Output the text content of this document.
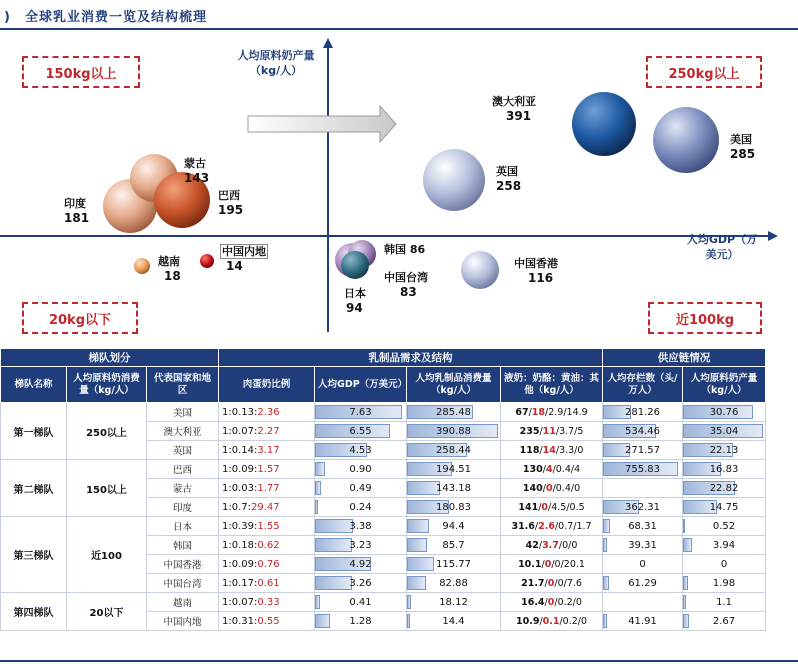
)　全球乳业消费一览及结构梳理
人均原料奶产量（kg/人）
人均GDP（万美元）
150kg以上	250kg以上
20kg以下	近100kg
澳大利亚
391
美国
285
英国
258
蒙古
143
巴西
195
印度
181
越南
18
中国内地
14
韩国 86
中国台湾
83
日本
94
中国香港
116
梯队划分			乳制品需求及结构				供应链情况	
梯队名称	人均原料奶消费量（kg/人）	代表国家和地区	肉蛋奶比例	人均GDP（万美元）	人均乳制品消费量（kg/人）	液奶：奶酪：黄油：其他（kg/人）	人均存栏数（头/万人）	人均原料奶产量（kg/人）
第一梯队	250以上	美国	1:0.13:2.36	7.63	285.48	67/18/2.9/14.9	281.26	30.76
		澳大利亚	1:0.07:2.27	6.55	390.88	235/11/3.7/5	534.46	35.04
		英国	1:0.14:3.17	4.53	258.44	118/14/3.3/0	271.57	22.13
第二梯队	150以上	巴西	1:0.09:1.57	0.90	194.51	130/4/0.4/4	755.83	16.83
		蒙古	1:0.03:1.77	0.49	143.18	140/0/0.4/0		22.82
		印度	1:0.7:29.47	0.24	180.83	141/0/4.5/0.5	362.31	14.75
第三梯队	近100	日本	1:0.39:1.55	3.38	94.4	31.6/2.6/0.7/1.7	68.31	0.52
		韩国	1:0.18:0.62	3.23	85.7	42/3.7/0/0	39.31	3.94
		中国香港	1:0.09:0.76	4.92	115.77	10.1/0/0/20.1	0	0
		中国台湾	1:0.17:0.61	3.26	82.88	21.7/0/0/7.6	61.29	1.98
第四梯队	20以下	越南	1:0.07:0.33	0.41	18.12	16.4/0/0.2/0		1.1
		中国内地	1:0.31:0.55	1.28	14.4	10.9/0.1/0.2/0	41.91	2.67
